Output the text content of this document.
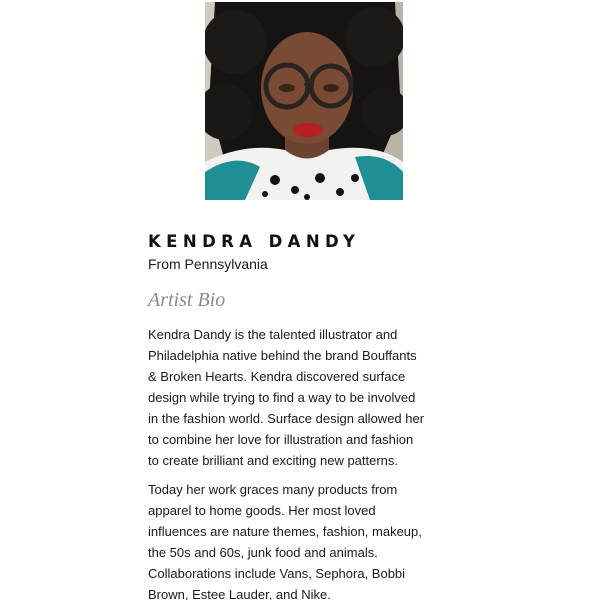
KENDRA DANDY
From Pennsylvania
Artist Bio

Kendra Dandy is the talented illustrator and
Philadelphia native behind the brand Bouffants
& Broken Hearts. Kendra discovered surface
design while trying to find a way to be involved
in the fashion world. Surface design allowed her
to combine her love for illustration and fashion
to create brilliant and exciting new patterns.

Today her work graces many products from
apparel to home goods. Her most loved
influences are nature themes, fashion, makeup,
the 50s and 60s, junk food and animals.
Collaborations include Vans, Sephora, Bobbi
Brown, Estee Lauder, and Nike.
